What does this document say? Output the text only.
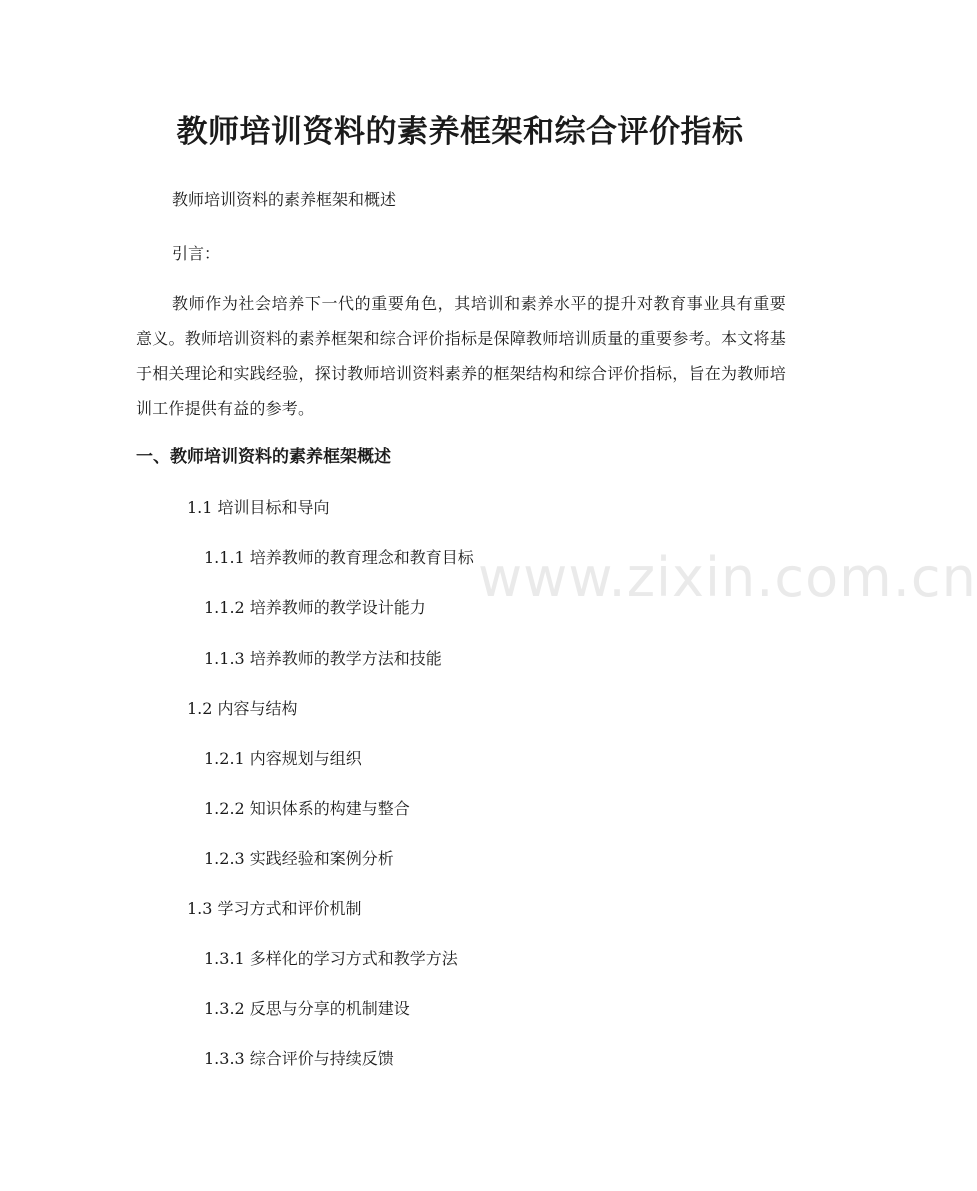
教师培训资料的素养框架和综合评价指标
教师培训资料的素养框架和概述
引言：
教师作为社会培养下一代的重要角色，其培训和素养水平的提升对教育事业具有重要意义。教师培训资料的素养框架和综合评价指标是保障教师培训质量的重要参考。本文将基于相关理论和实践经验，探讨教师培训资料素养的框架结构和综合评价指标，旨在为教师培训工作提供有益的参考。
一、教师培训资料的素养框架概述
1.1 培训目标和导向
1.1.1 培养教师的教育理念和教育目标
1.1.2 培养教师的教学设计能力
1.1.3 培养教师的教学方法和技能
1.2 内容与结构
1.2.1 内容规划与组织
1.2.2 知识体系的构建与整合
1.2.3 实践经验和案例分析
1.3 学习方式和评价机制
1.3.1 多样化的学习方式和教学方法
1.3.2 反思与分享的机制建设
1.3.3 综合评价与持续反馈
www.zixin.com.cn
